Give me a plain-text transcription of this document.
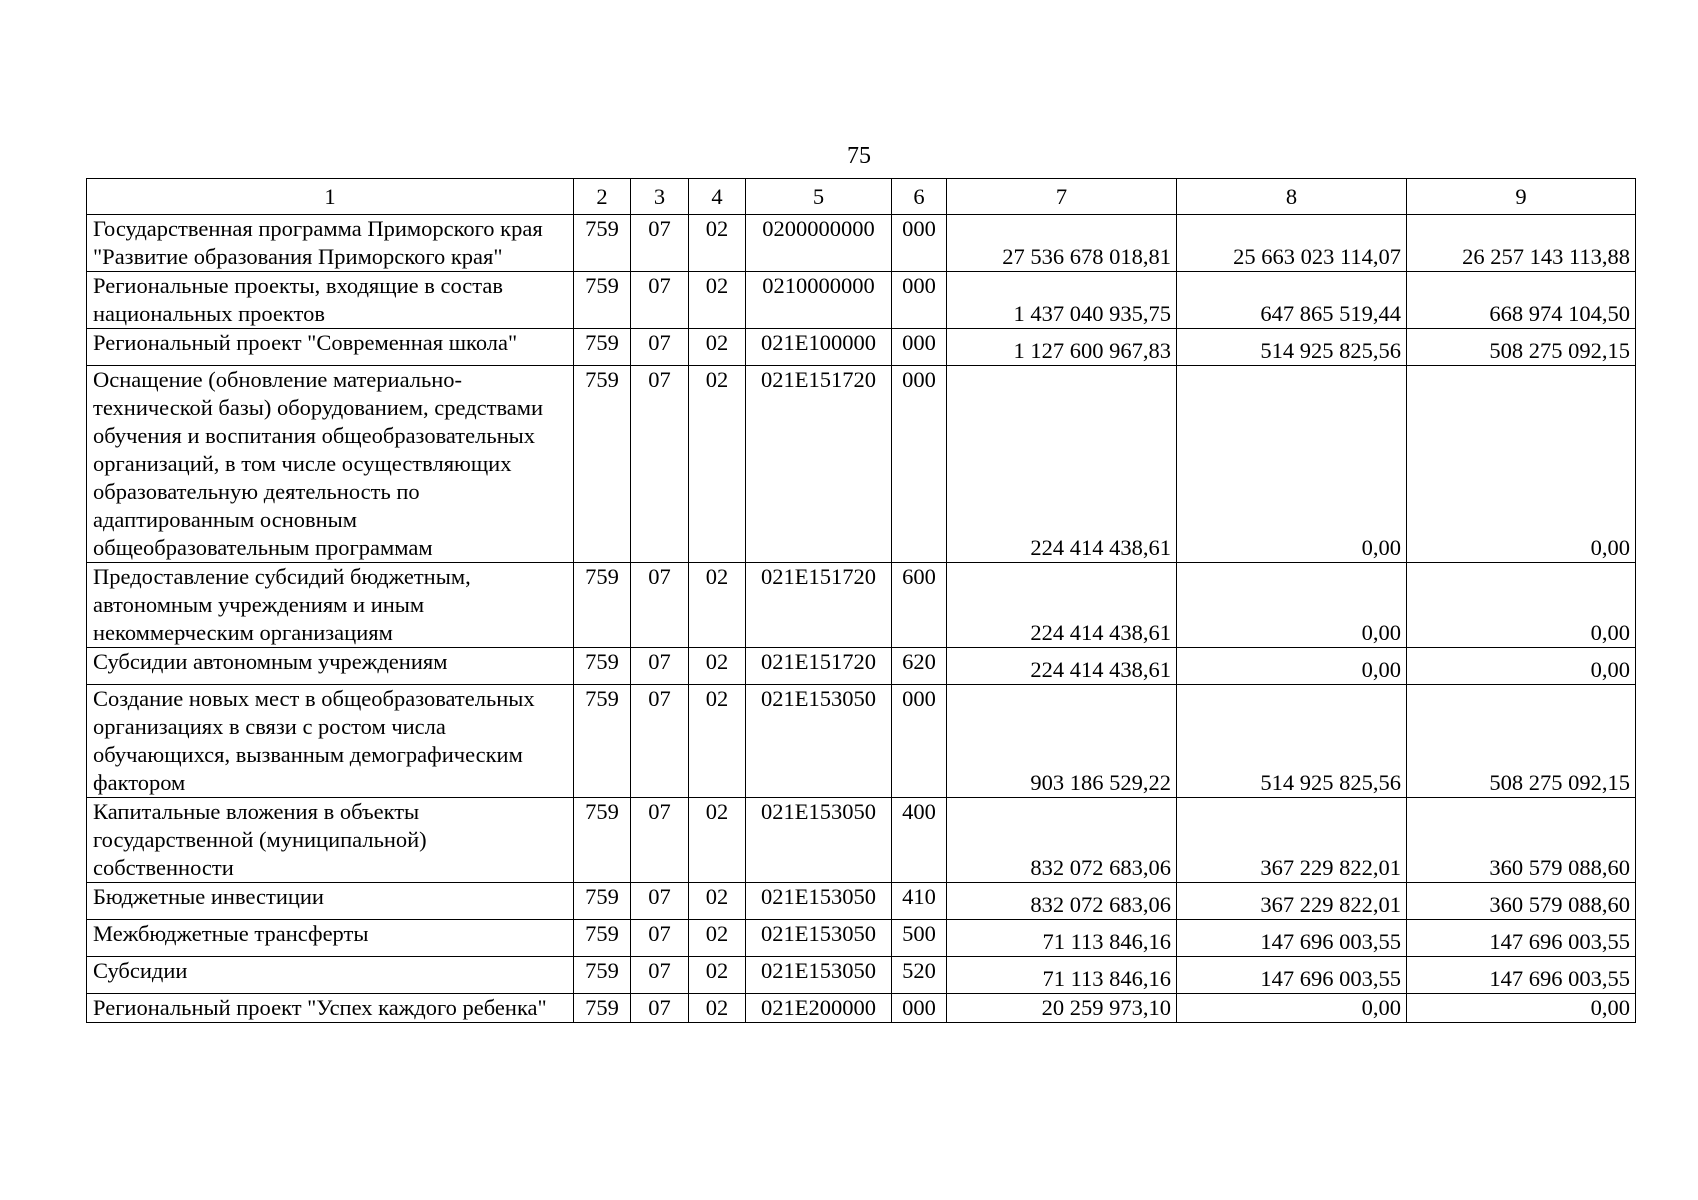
75
1	2	3	4	5	6	7	8	9
Государственная программа Приморского края "Развитие образования Приморского края"	759	07	02	0200000000	000	27 536 678 018,81	25 663 023 114,07	26 257 143 113,88
Региональные проекты, входящие в состав национальных проектов	759	07	02	0210000000	000	1 437 040 935,75	647 865 519,44	668 974 104,50
Региональный проект "Современная школа"	759	07	02	021E100000	000	1 127 600 967,83	514 925 825,56	508 275 092,15
Оснащение (обновление материально-технической базы) оборудованием, средствами обучения и воспитания общеобразовательных организаций, в том числе осуществляющих образовательную деятельность по адаптированным основным общеобразовательным программам	759	07	02	021E151720	000	224 414 438,61	0,00	0,00
Предоставление субсидий бюджетным, автономным учреждениям и иным некоммерческим организациям	759	07	02	021E151720	600	224 414 438,61	0,00	0,00
Субсидии автономным учреждениям	759	07	02	021E151720	620	224 414 438,61	0,00	0,00
Создание новых мест в общеобразовательных организациях в связи с ростом числа обучающихся, вызванным демографическим фактором	759	07	02	021E153050	000	903 186 529,22	514 925 825,56	508 275 092,15
Капитальные вложения в объекты государственной (муниципальной) собственности	759	07	02	021E153050	400	832 072 683,06	367 229 822,01	360 579 088,60
Бюджетные инвестиции	759	07	02	021E153050	410	832 072 683,06	367 229 822,01	360 579 088,60
Межбюджетные трансферты	759	07	02	021E153050	500	71 113 846,16	147 696 003,55	147 696 003,55
Субсидии	759	07	02	021E153050	520	71 113 846,16	147 696 003,55	147 696 003,55
Региональный проект "Успех каждого ребенка"	759	07	02	021E200000	000	20 259 973,10	0,00	0,00
